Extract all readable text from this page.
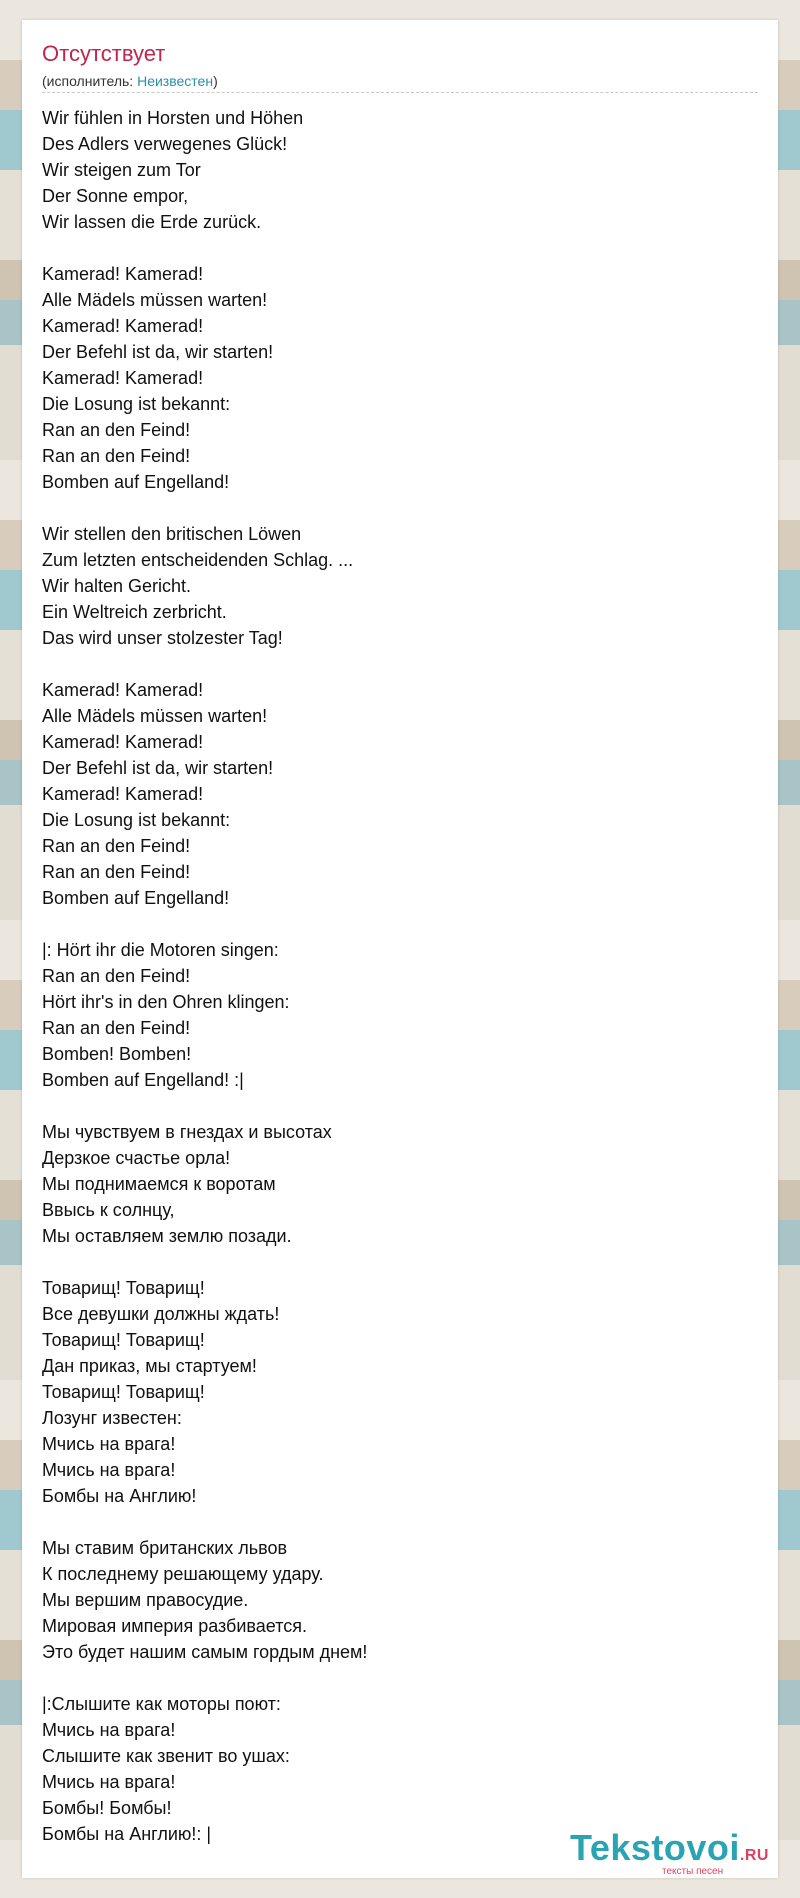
Отсутствует
(исполнитель: Неизвестен)
Wir fühlen in Horsten und Höhen
Des Adlers verwegenes Glück!
Wir steigen zum Tor
Der Sonne empor,
Wir lassen die Erde zurück.
Kamerad! Kamerad!
Alle Mädels müssen warten!
Kamerad! Kamerad!
Der Befehl ist da, wir starten!
Kamerad! Kamerad!
Die Losung ist bekannt:
Ran an den Feind!
Ran an den Feind!
Bomben auf Engelland!
Wir stellen den britischen Löwen
Zum letzten entscheidenden Schlag. ...
Wir halten Gericht.
Ein Weltreich zerbricht.
Das wird unser stolzester Tag!
Kamerad! Kamerad!
Alle Mädels müssen warten!
Kamerad! Kamerad!
Der Befehl ist da, wir starten!
Kamerad! Kamerad!
Die Losung ist bekannt:
Ran an den Feind!
Ran an den Feind!
Bomben auf Engelland!
|: Hört ihr die Motoren singen:
Ran an den Feind!
Hört ihr's in den Ohren klingen:
Ran an den Feind!
Bomben! Bomben!
Bomben auf Engelland! :|
Мы чувствуем в гнездах и высотах
Дерзкое счастье орла!
Мы поднимаемся к воротам
Ввысь к солнцу,
Мы оставляем землю позади.
Товарищ! Товарищ!
Все девушки должны ждать!
Товарищ! Товарищ!
Дан приказ, мы стартуем!
Товарищ! Товарищ!
Лозунг известен:
Мчись на врага!
Мчись на врага!
Бомбы на Англию!
Мы ставим британских львов
К последнему решающему удару.
Мы вершим правосудие.
Мировая империя разбивается.
Это будет нашим самым гордым днем!
|:Слышите как моторы поют:
Мчись на врага!
Слышите как звенит во ушах:
Мчись на врага!
Бомбы! Бомбы!
Бомбы на Англию!: |	Tekstovoi.RU
тексты песен
